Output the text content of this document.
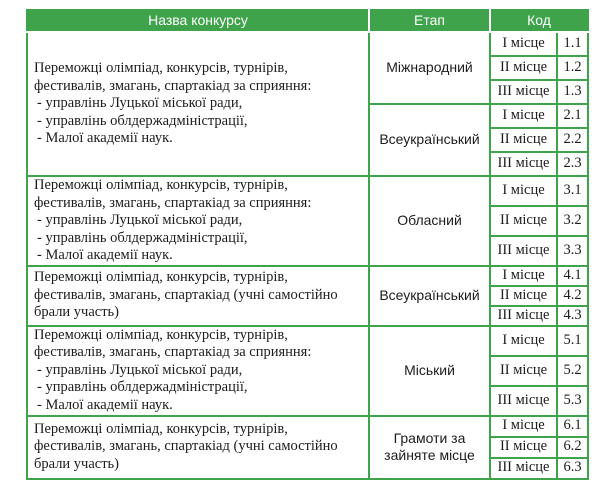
Назва конкурсу	Етап	Код	

Переможці олімпіад, конкурсів, турнірів,
фестивалів, змагань, спартакіад за сприяння:
- управлінь Луцької міської ради,
- управлінь облдержадміністрації,
- Малої академії наук.	Міжнародний	І місце	1.1
		ІІ місце	1.2
		ІІІ місце	1.3
	Всеукраїнський	І місце	2.1
		ІІ місце	2.2
		ІІІ місце	2.3

Переможці олімпіад, конкурсів, турнірів,
фестивалів, змагань, спартакіад за сприяння:
- управлінь Луцької міської ради,
- управлінь облдержадміністрації,
- Малої академії наук.	Обласний	І місце	3.1
		ІІ місце	3.2
		ІІІ місце	3.3

Переможці олімпіад, конкурсів, турнірів,
фестивалів, змагань, спартакіад (учні самостійно
брали участь)	Всеукраїнський	І місце	4.1
		ІІ місце	4.2
		ІІІ місце	4.3

Переможці олімпіад, конкурсів, турнірів,
фестивалів, змагань, спартакіад за сприяння:
- управлінь Луцької міської ради,
- управлінь облдержадміністрації,
- Малої академії наук.	Міський	І місце	5.1
		ІІ місце	5.2
		ІІІ місце	5.3

Переможці олімпіад, конкурсів, турнірів,
фестивалів, змагань, спартакіад (учні самостійно
брали участь)	Грамоти за
зайняте місце	І місце	6.1
		ІІ місце	6.2
		ІІІ місце	6.3
